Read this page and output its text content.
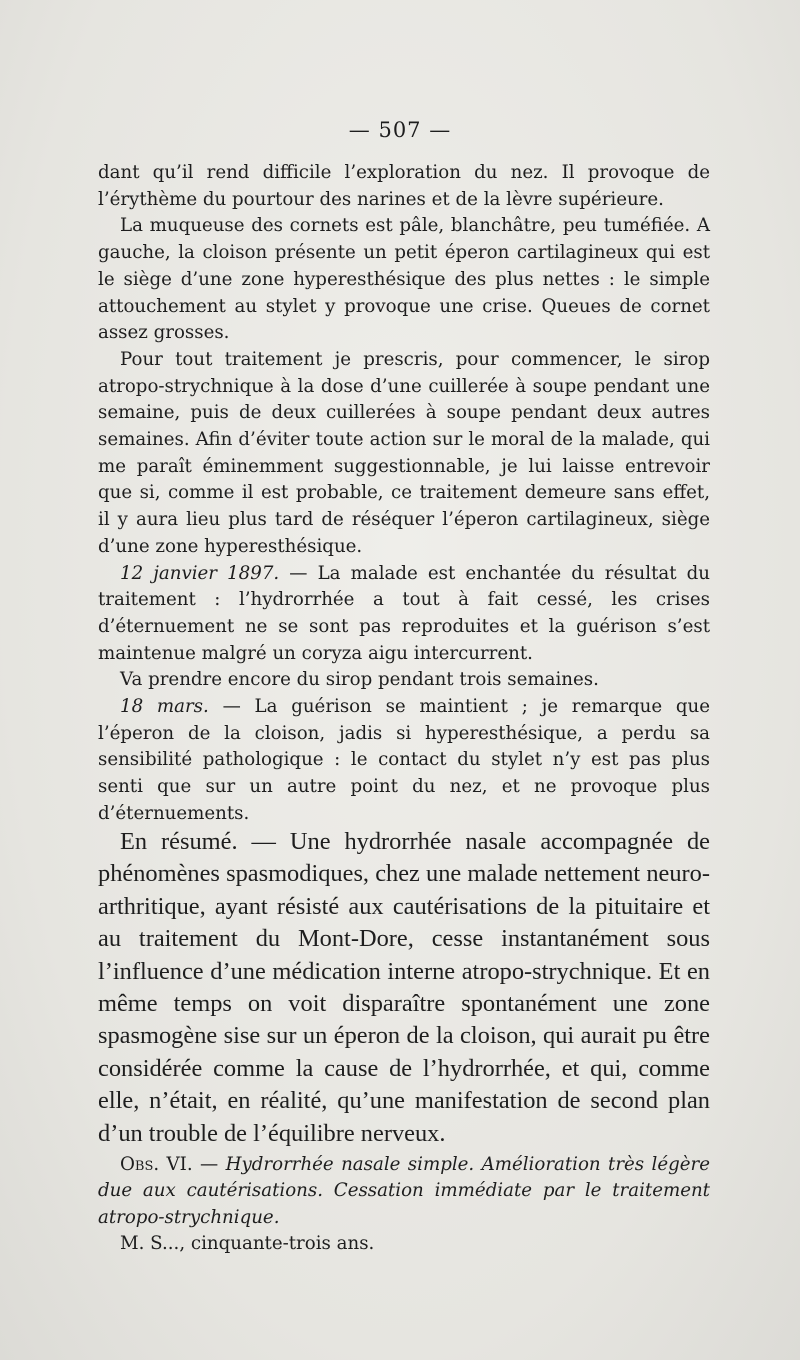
— 507 —

dant qu’il rend difficile l’exploration du nez. Il provoque de l’érythème du pourtour des narines et de la lèvre supérieure.

La muqueuse des cornets est pâle, blanchâtre, peu tuméfiée. A gauche, la cloison présente un petit éperon cartilagineux qui est le siège d’une zone hyperesthésique des plus nettes : le simple attouchement au stylet y provoque une crise. Queues de cornet assez grosses.

Pour tout traitement je prescris, pour commencer, le sirop atropo-strychnique à la dose d’une cuillerée à soupe pendant une semaine, puis de deux cuillerées à soupe pendant deux autres semaines. Afin d’éviter toute action sur le moral de la malade, qui me paraît éminemment suggestionnable, je lui laisse entrevoir que si, comme il est probable, ce traitement demeure sans effet, il y aura lieu plus tard de réséquer l’éperon cartilagineux, siège d’une zone hyperesthésique.

12 janvier 1897. — La malade est enchantée du résultat du traitement : l’hydrorrhée a tout à fait cessé, les crises d’éternuement ne se sont pas reproduites et la guérison s’est maintenue malgré un coryza aigu intercurrent.

Va prendre encore du sirop pendant trois semaines.

18 mars. — La guérison se maintient ; je remarque que l’éperon de la cloison, jadis si hyperesthésique, a perdu sa sensibilité pathologique : le contact du stylet n’y est pas plus senti que sur un autre point du nez, et ne provoque plus d’éternuements.

En résumé. — Une hydrorrhée nasale accompagnée de phénomènes spasmodiques, chez une malade nettement neuro-arthritique, ayant résisté aux cautérisations de la pituitaire et au traitement du Mont-Dore, cesse instantanément sous l’influence d’une médication interne atropo-strychnique. Et en même temps on voit disparaître spontanément une zone spasmogène sise sur un éperon de la cloison, qui aurait pu être considérée comme la cause de l’hydrorrhée, et qui, comme elle, n’était, en réalité, qu’une manifestation de second plan d’un trouble de l’équilibre nerveux.

Obs. VI. — Hydrorrhée nasale simple. Amélioration très légère due aux cautérisations. Cessation immédiate par le traitement atropo-strychnique.

M. S..., cinquante-trois ans.
